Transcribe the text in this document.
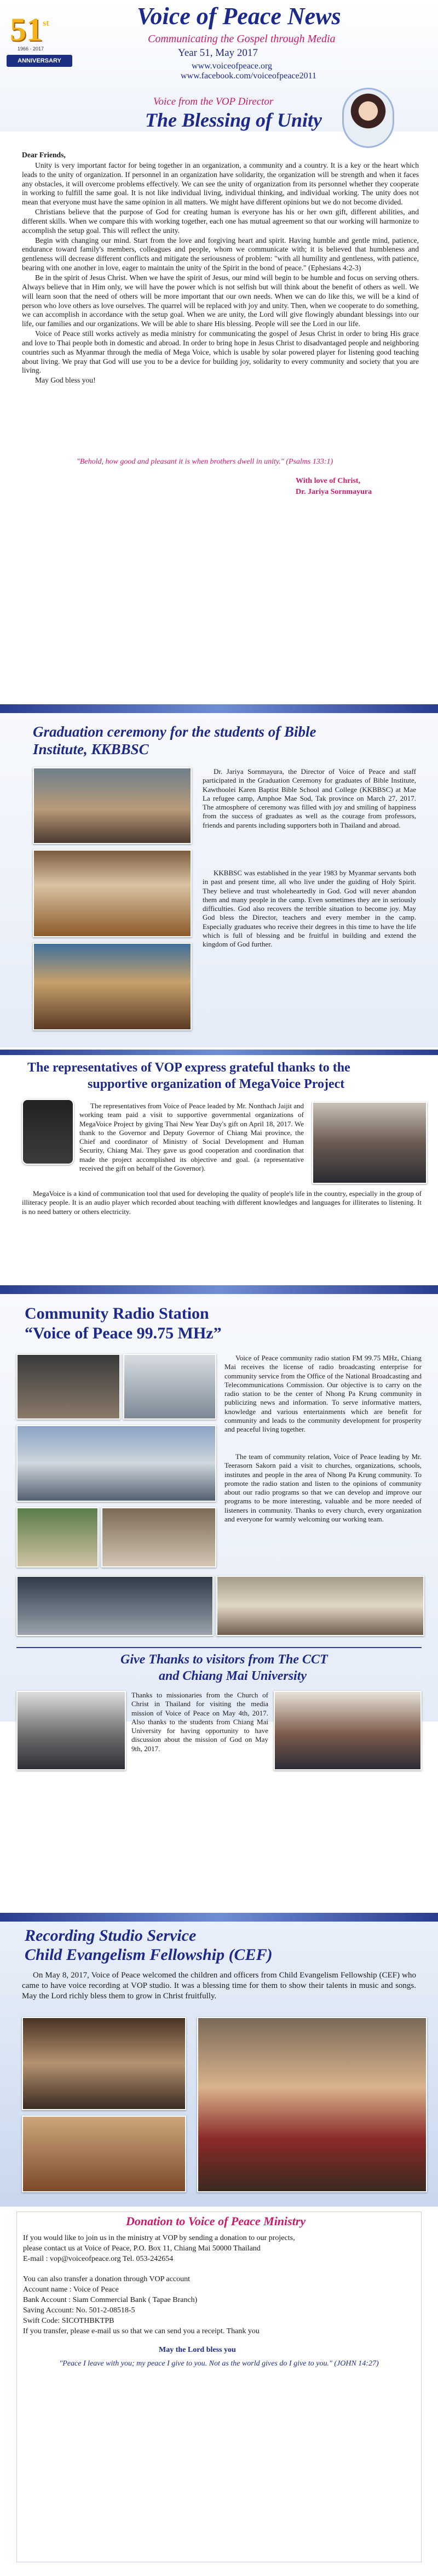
51 st
1966 - 2017
ANNIVERSARY
Voice of Peace News
Communicating the Gospel through Media
Year 51, May 2017
www.voiceofpeace.org
www.facebook.com/voiceofpeace2011
Voice from the VOP Director
The Blessing of Unity

Dear Friends,

Unity is very important factor for being together in an organization, a community and a country. It is a key or the heart which leads to the unity of organization. If personnel in an organization have solidarity, the organization will be strength and when it faces any obstacles, it will overcome problems effectively. We can see the unity of organization from its personnel whether they cooperate in working to fulfill the same goal. It is not like individual living, individual thinking, and individual working. The unity does not mean that everyone must have the same opinion in all matters. We might have different opinions but we do not become divided.

Christians believe that the purpose of God for creating human is everyone has his or her own gift, different abilities, and different skills. When we compare this with working together, each one has mutual agreement so that our working will harmonize to accomplish the setup goal. This will reflect the unity.

Begin with changing our mind. Start from the love and forgiving heart and spirit. Having humble and gentle mind, patience, endurance toward family's members, colleagues and people, whom we communicate with; it is believed that humbleness and gentleness will decrease different conflicts and mitigate the seriousness of problem: "with all humility and gentleness, with patience, bearing with one another in love, eager to maintain the unity of the Spirit in the bond of peace." (Ephesians 4:2-3)

Be in the spirit of Jesus Christ. When we have the spirit of Jesus, our mind will begin to be humble and focus on serving others. Always believe that in Him only, we will have the power which is not selfish but will think about the benefit of others as well. We will learn soon that the need of others will be more important that our own needs. When we can do like this, we will be a kind of person who love others as love ourselves. The quarrel will be replaced with joy and unity. Then, when we cooperate to do something, we can accomplish in accordance with the setup goal. When we are unity, the Lord will give flowingly abundant blessings into our life, our families and our organizations. We will be able to share His blessing. People will see the Lord in our life.

Voice of Peace still works actively as media ministry for communicating the gospel of Jesus Christ in order to bring His grace and love to Thai people both in domestic and abroad. In order to bring hope in Jesus Christ to disadvantaged people and neighboring countries such as Myanmar through the media of Mega Voice, which is usable by solar powered player for listening good teaching about living. We pray that God will use you to be a device for building joy, solidarity to every community and society that you are living.

May God bless you!

"Behold, how good and pleasant it is when brothers dwell in unity." (Psalms 133:1)
With love of Christ,
Dr. Jariya Sornmayura
Graduation ceremony for the students of Bible
Institute, KKBBSC
Dr. Jariya Sornmayura, the Director of Voice of Peace and staff participated in the Graduation Ceremony for graduates of Bible Institute, Kawthoolei Karen Baptist Bible School and College (KKBBSC) at Mae La refugee camp, Amphoe Mae Sod, Tak province on March 27, 2017. The atmosphere of ceremony was filled with joy and smiling of happiness from the success of graduates as well as the courage from professors, friends and parents including supporters both in Thailand and abroad.
KKBBSC was established in the year 1983 by Myanmar servants both in past and present time, all who live under the guiding of Holy Spirit. They believe and trust wholeheartedly in God. God will never abandon them and many people in the camp. Even sometimes they are in seriously difficulties. God also recovers the terrible situation to become joy. May God bless the Director, teachers and every member in the camp. Especially graduates who receive their degrees in this time to have the life which is full of blessing and be fruitful in building and extend the kingdom of God further.
The representatives of VOP express grateful thanks to the
supportive organization of MegaVoice Project
The representatives from Voice of Peace leaded by Mr. Nonthach Jaijit and working team paid a visit to supportive governmental organizations of MegaVoice Project by giving Thai New Year Day's gift on April 18, 2017. We thank to the Governor and Deputy Governor of Chiang Mai province, the Chief and coordinator of Ministry of Social Development and Human Security, Chiang Mai. They gave us good cooperation and coordination that made the project accomplished its objective and goal. (a representative received the gift on behalf of the Governor).
MegaVoice is a kind of communication tool that used for developing the quality of people's life in the country, especially in the group of illiteracy people. It is an audio player which recorded about teaching with different knowledges and languages for illiterates to listening. It is no need battery or others electricity.
Community Radio Station
“Voice of Peace 99.75 MHz”
Voice of Peace community radio station FM 99.75 MHz, Chiang Mai receives the license of radio broadcasting enterprise for community service from the Office of the National Broadcasting and Telecommunications Commission. Our objective is to carry on the radio station to be the center of Nhong Pa Krung community in publicizing news and information. To serve informative matters, knowledge and various entertainments which are benefit for community and leads to the community development for prosperity and peaceful living together.
The team of community relation, Voice of Peace leading by Mr. Teerasorn Sakorn paid a visit to churches, organizations, schools, institutes and people in the area of Nhong Pa Krung community. To promote the radio station and listen to the opinions of community about our radio programs so that we can develop and improve our programs to be more interesting, valuable and be more needed of listeners in community. Thanks to every church, every organization and everyone for warmly welcoming our working team.
Give Thanks to visitors from The CCT
and Chiang Mai University
Thanks to missionaries from the Church of Christ in Thailand for visiting the media mission of Voice of Peace on May 4th, 2017. Also thanks to the students from Chiang Mai University for having opportunity to have discussion about the mission of God on May 9th, 2017.
Recording Studio Service
Child Evangelism Fellowship (CEF)
On May 8, 2017, Voice of Peace welcomed the children and officers from Child Evangelism Fellowship (CEF) who came to have voice recording at VOP studio. It was a blessing time for them to show their talents in music and songs. May the Lord richly bless them to grow in Christ fruitfully.
Donation to Voice of Peace Ministry
If you would like to join us in the ministry at VOP by sending a donation to our projects,
please contact us at Voice of Peace, P.O. Box 11, Chiang Mai 50000 Thailand
E-mail : vop@voiceofpeace.org Tel. 053-242654
You can also transfer a donation through VOP account
Account name : Voice of Peace
Bank Account : Siam Commercial Bank ( Tapae Branch)
Saving Account: No. 501-2-08518-5
Swift Code: SICOTHBKTPB
If you transfer, please e-mail us so that we can send you a receipt. Thank you
May the Lord bless you
"Peace I leave with you; my peace I give to you. Not as the world gives do I give to you." (JOHN 14:27)
